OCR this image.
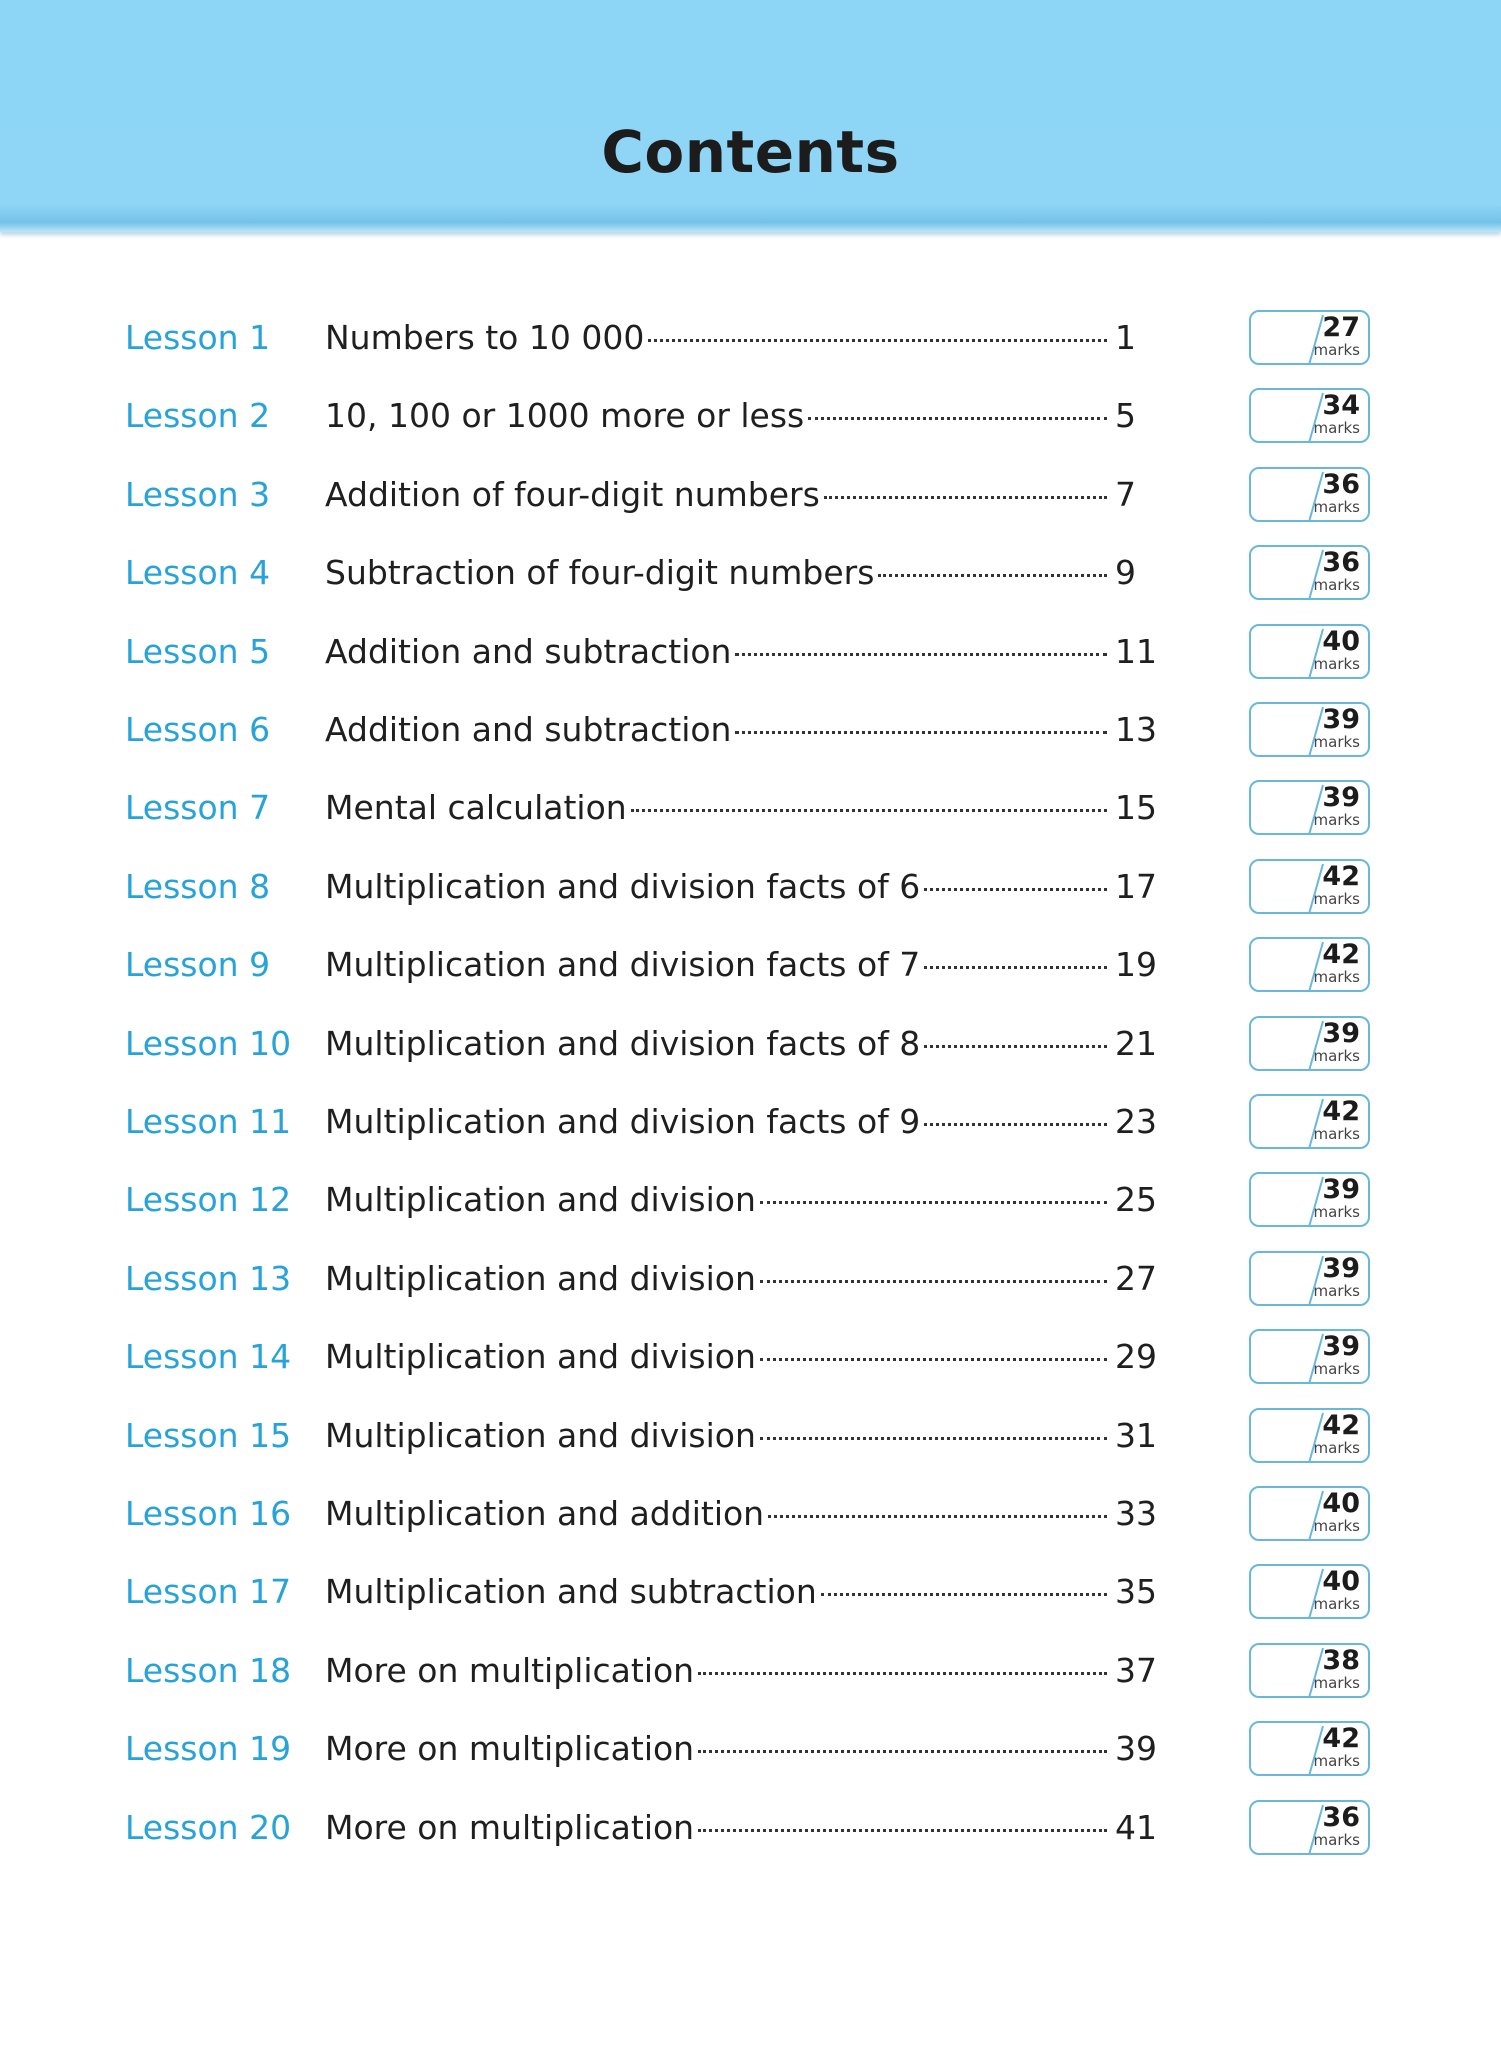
Contents
Lesson 1 Numbers to 10 000	1	27
marks
Lesson 2 10, 100 or 1000 more or less	5	34
marks
Lesson 3 Addition of four-digit numbers	7	36
marks
Lesson 4 Subtraction of four-digit numbers	9	36
marks
Lesson 5 Addition and subtraction	11	40
marks
Lesson 6 Addition and subtraction	13	39
marks
Lesson 7 Mental calculation	15	39
marks
Lesson 8 Multiplication and division facts of 6	17	42
marks
Lesson 9 Multiplication and division facts of 7	19	42
marks
Lesson 10 Multiplication and division facts of 8	21	39
marks
Lesson 11 Multiplication and division facts of 9	23	42
marks
Lesson 12 Multiplication and division	25	39
marks
Lesson 13 Multiplication and division	27	39
marks
Lesson 14 Multiplication and division	29	39
marks
Lesson 15 Multiplication and division	31	42
marks
Lesson 16 Multiplication and addition	33	40
marks
Lesson 17 Multiplication and subtraction	35	40
marks
Lesson 18 More on multiplication	37	38
marks
Lesson 19 More on multiplication	39	42
marks
Lesson 20 More on multiplication	41	36
marks
